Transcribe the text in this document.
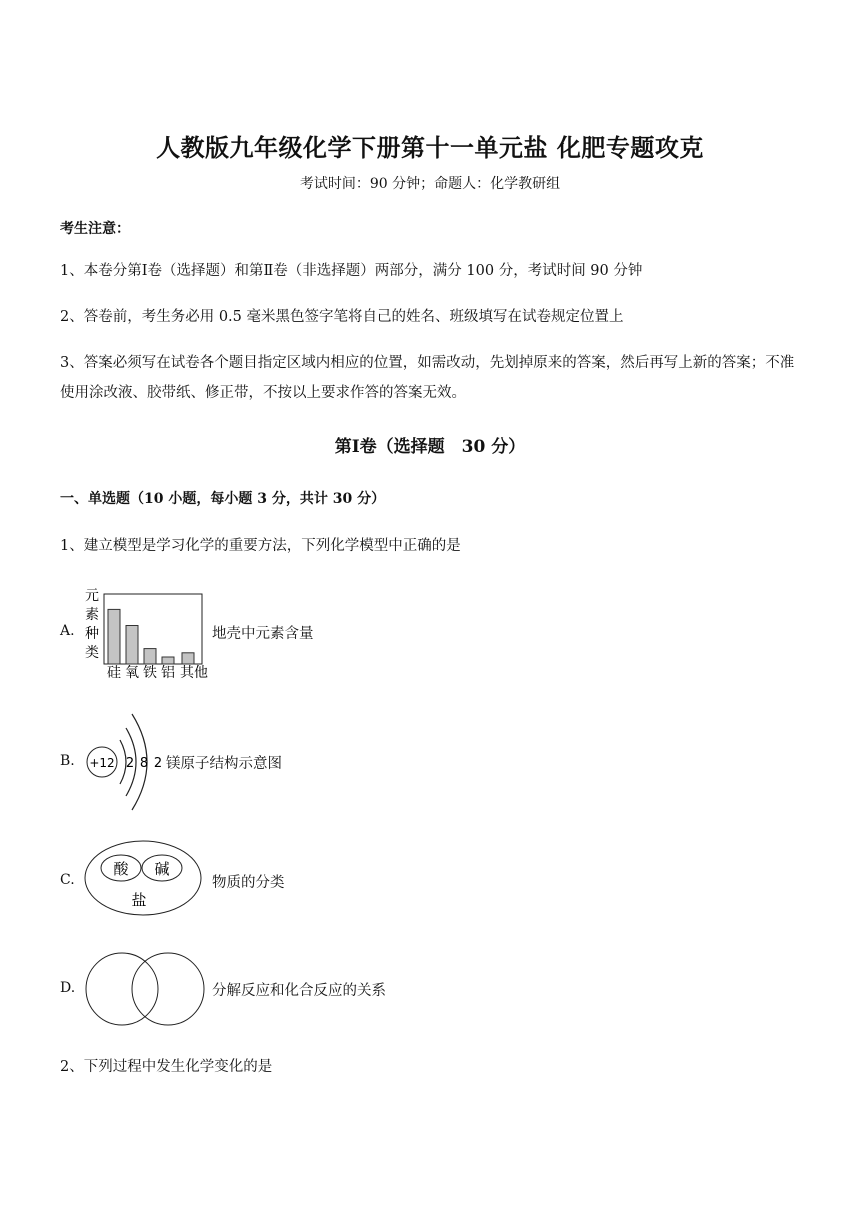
人教版九年级化学下册第十一单元盐 化肥专题攻克
考试时间：90 分钟；命题人：化学教研组
考生注意：
1、本卷分第Ⅰ卷（选择题）和第Ⅱ卷（非选择题）两部分，满分 100 分，考试时间 90 分钟
2、答卷前，考生务必用 0.5 毫米黑色签字笔将自己的姓名、班级填写在试卷规定位置上
3、答案必须写在试卷各个题目指定区域内相应的位置，如需改动，先划掉原来的答案，然后再写上新的答案；不准使用涂改液、胶带纸、修正带，不按以上要求作答的答案无效。
第Ⅰ卷（选择题　30 分）
一、单选题（10 小题，每小题 3 分，共计 30 分）
1、建立模型是学习化学的重要方法，下列化学模型中正确的是
A.
元
素
种
类
硅 氧 铁 铝 其他
地壳中元素含量
B. +12 2 8 2 镁原子结构示意图
C.
酸 碱
盐
物质的分类
D.	分解反应和化合反应的关系
2、下列过程中发生化学变化的是
